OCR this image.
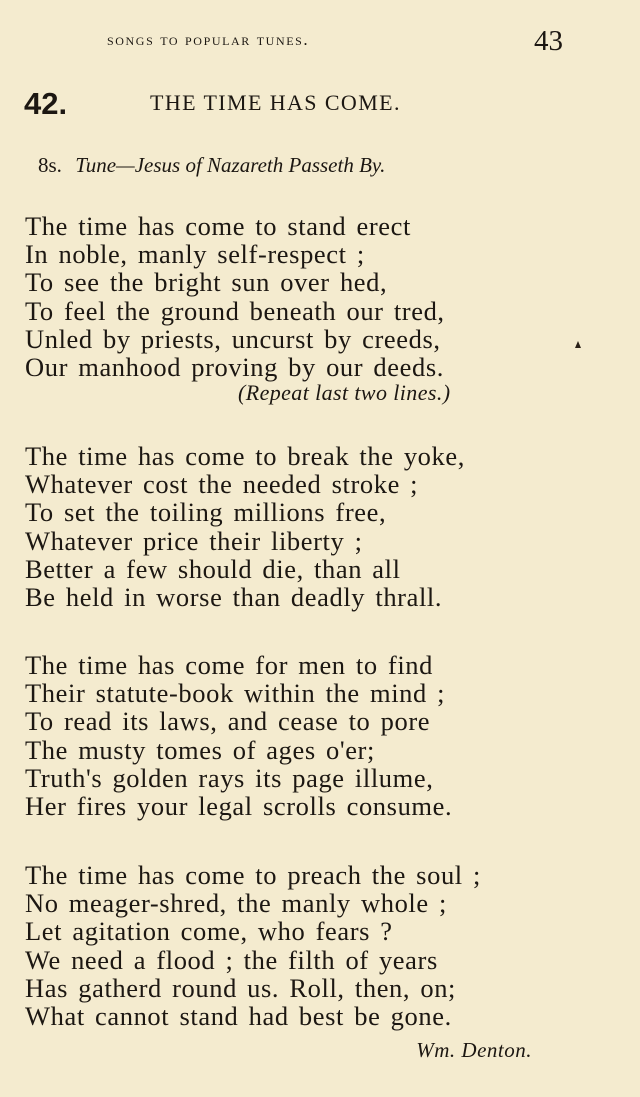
songs to popular tunes.	43
42.	THE TIME HAS COME.
8s. Tune—Jesus of Nazareth Passeth By.
The time has come to stand erect
In noble, manly self-respect ;
To see the bright sun over hed,
To feel the ground beneath our tred,
Unled by priests, uncurst by creeds,
Our manhood proving by our deeds.
(Repeat last two lines.)
The time has come to break the yoke,
Whatever cost the needed stroke ;
To set the toiling millions free,
Whatever price their liberty ;
Better a few should die, than all
Be held in worse than deadly thrall.
The time has come for men to find
Their statute-book within the mind ;
To read its laws, and cease to pore
The musty tomes of ages o'er;
Truth's golden rays its page illume,
Her fires your legal scrolls consume.
The time has come to preach the soul ;
No meager-shred, the manly whole ;
Let agitation come, who fears ?
We need a flood ; the filth of years
Has gatherd round us. Roll, then, on;
What cannot stand had best be gone.
Wm. Denton.
